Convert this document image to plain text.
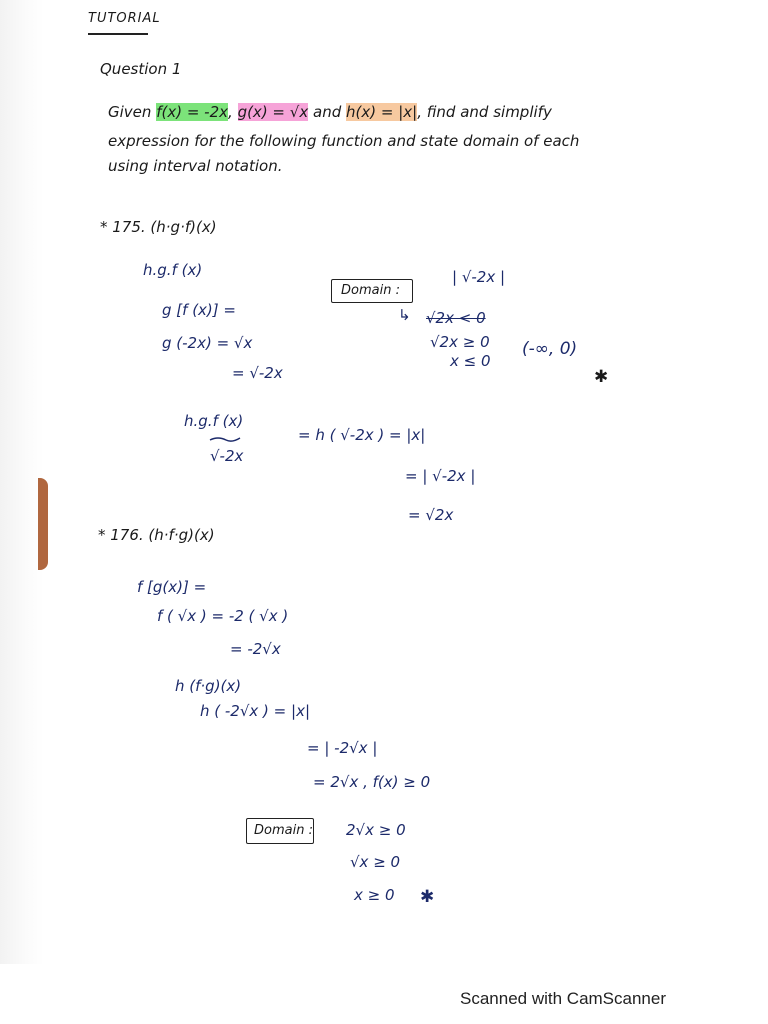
TUTORIAL
Question 1
Given f(x) = -2x, g(x) = √x and h(x) = |x|, find and simplify
expression for the following function and state domain of each
using interval notation.
* 175. (h·g·f)(x)
h.g.f (x)
g [f (x)] =
g (-2x) = √x
= √-2x
Domain :
| √-2x |
↳ √2x < 0
√2x ≥ 0
x ≤ 0
(-∞, 0)
✱
h.g.f (x)
√-2x
= h ( √-2x ) = |x|
= | √-2x |
= √2x
* 176. (h·f·g)(x)
f [g(x)] =
f ( √x ) = -2 ( √x )
= -2√x
h (f·g)(x)
h ( -2√x ) = |x|
= | -2√x |
= 2√x , f(x) ≥ 0
Domain : 2√x ≥ 0
√x ≥ 0
x ≥ 0 ✱
Scanned with CamScanner
